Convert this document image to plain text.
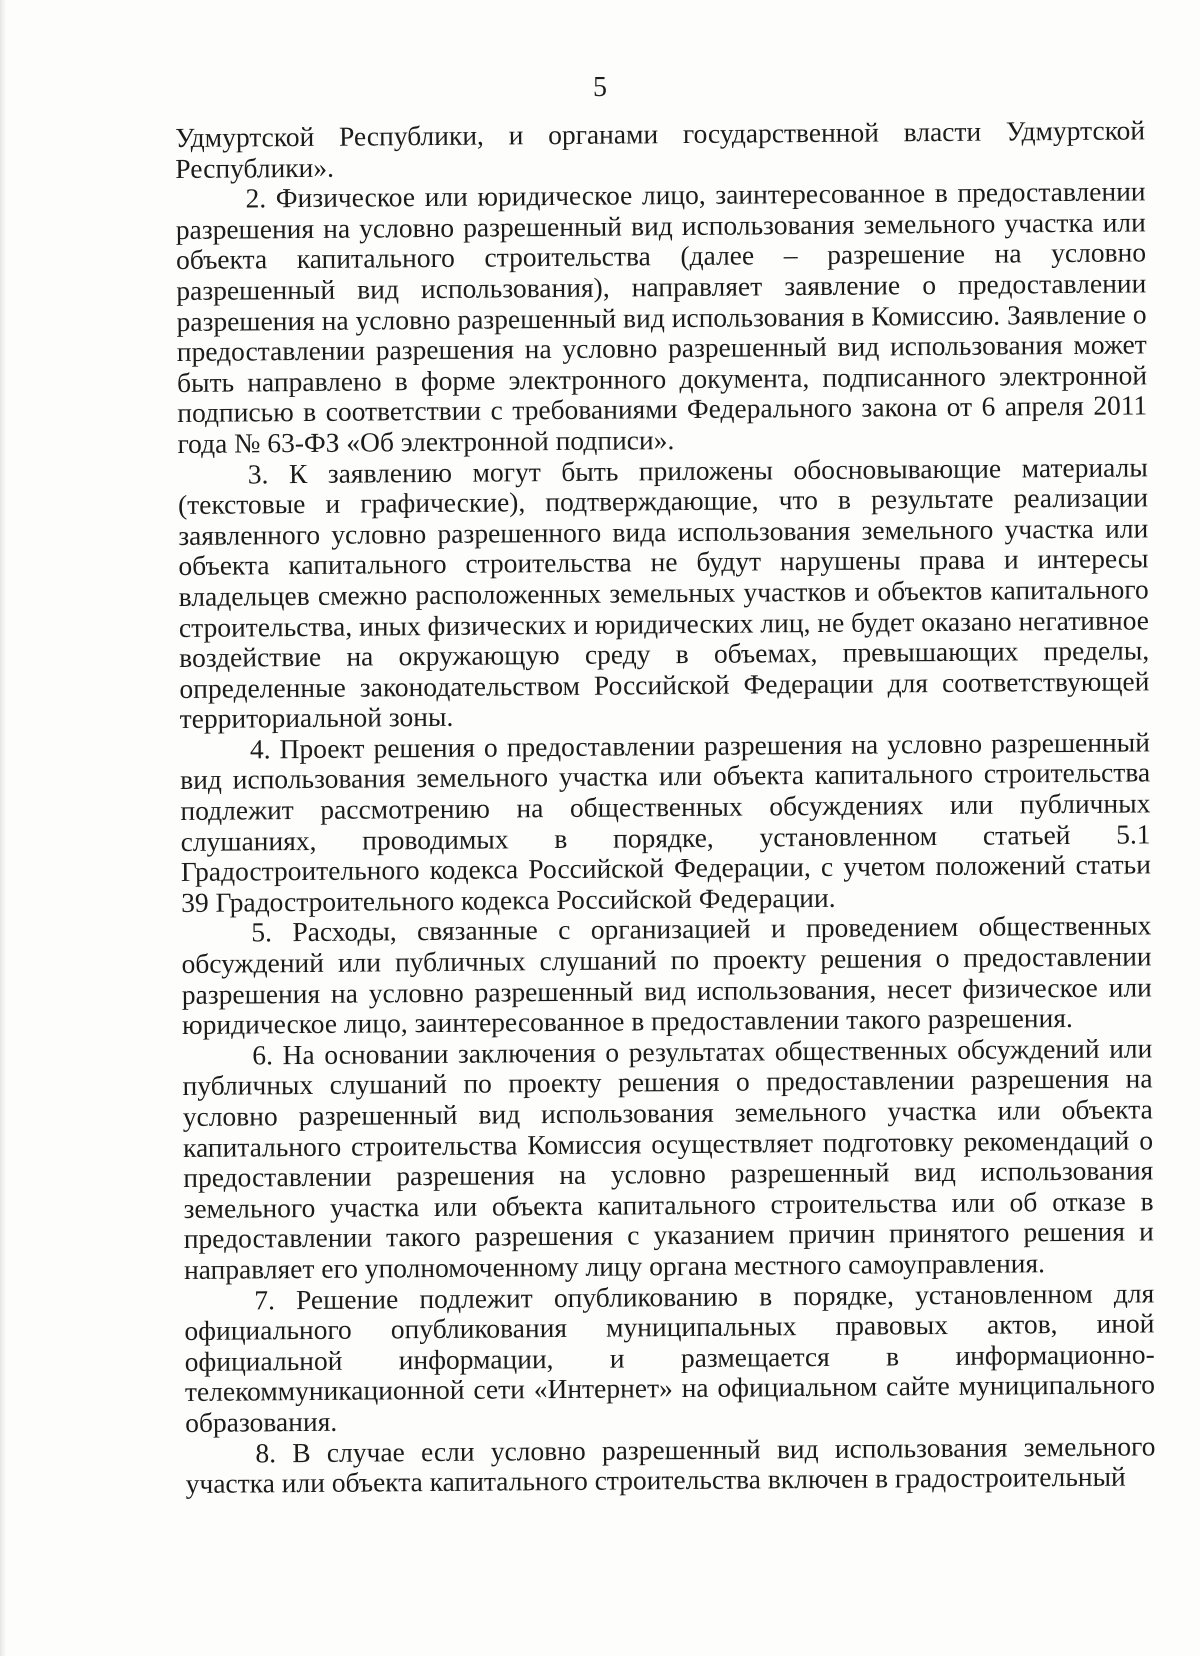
5

Удмуртской Республики, и органами государственной власти Удмуртской Республики».

2. Физическое или юридическое лицо, заинтересованное в предоставлении разрешения на условно разрешенный вид использования земельного участка или объекта капитального строительства (далее – разрешение на условно разрешенный вид использования), направляет заявление о предоставлении разрешения на условно разрешенный вид использования в Комиссию. Заявление о предоставлении разрешения на условно разрешенный вид использования может быть направлено в форме электронного документа, подписанного электронной подписью в соответствии с требованиями Федерального закона от 6 апреля 2011 года № 63-ФЗ «Об электронной подписи».

3. К заявлению могут быть приложены обосновывающие материалы (текстовые и графические), подтверждающие, что в результате реализации заявленного условно разрешенного вида использования земельного участка или объекта капитального строительства не будут нарушены права и интересы владельцев смежно расположенных земельных участков и объектов капитального строительства, иных физических и юридических лиц, не будет оказано негативное воздействие на окружающую среду в объемах, превышающих пределы, определенные законодательством Российской Федерации для соответствующей территориальной зоны.

4. Проект решения о предоставлении разрешения на условно разрешенный вид использования земельного участка или объекта капитального строительства подлежит рассмотрению на общественных обсуждениях или публичных слушаниях, проводимых в порядке, установленном статьей 5.1 Градостроительного кодекса Российской Федерации, с учетом положений статьи 39 Градостроительного кодекса Российской Федерации.

5. Расходы, связанные с организацией и проведением общественных обсуждений или публичных слушаний по проекту решения о предоставлении разрешения на условно разрешенный вид использования, несет физическое или юридическое лицо, заинтересованное в предоставлении такого разрешения.

6. На основании заключения о результатах общественных обсуждений или публичных слушаний по проекту решения о предоставлении разрешения на условно разрешенный вид использования земельного участка или объекта капитального строительства Комиссия осуществляет подготовку рекомендаций о предоставлении разрешения на условно разрешенный вид использования земельного участка или объекта капитального строительства или об отказе в предоставлении такого разрешения с указанием причин принятого решения и направляет его уполномоченному лицу органа местного самоуправления.

7. Решение подлежит опубликованию в порядке, установленном для официального опубликования муниципальных правовых актов, иной официальной информации, и размещается в информационно-телекоммуникационной сети «Интернет» на официальном сайте муниципального образования.

8. В случае если условно разрешенный вид использования земельного участка или объекта капитального строительства включен в градостроительный
